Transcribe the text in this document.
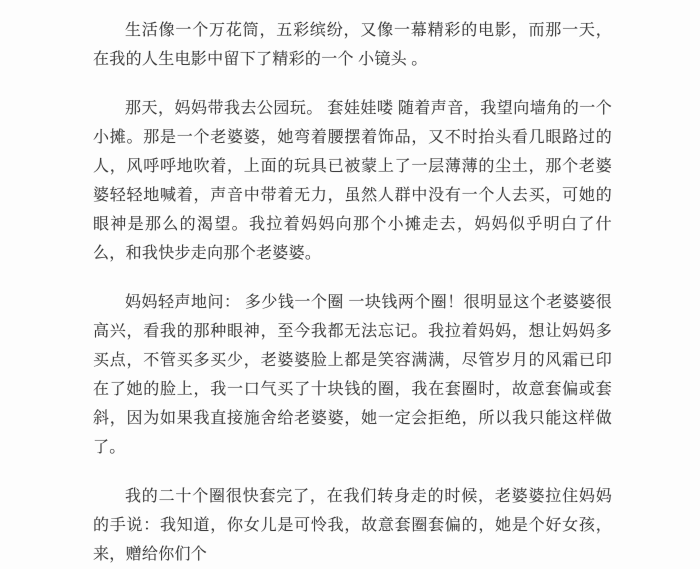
生活像一个万花筒，五彩缤纷，又像一幕精彩的电影，而那一天，在我的人生电影中留下了精彩的一个 小镜头 。

那天，妈妈带我去公园玩。 套娃娃喽 随着声音，我望向墙角的一个小摊。那是一个老婆婆，她弯着腰摆着饰品，又不时抬头看几眼路过的人，风呼呼地吹着，上面的玩具已被蒙上了一层薄薄的尘土，那个老婆婆轻轻地喊着，声音中带着无力，虽然人群中没有一个人去买，可她的眼神是那么的渴望。我拉着妈妈向那个小摊走去，妈妈似乎明白了什么，和我快步走向那个老婆婆。

妈妈轻声地问： 多少钱一个圈 一块钱两个圈！很明显这个老婆婆很高兴，看我的那种眼神，至今我都无法忘记。我拉着妈妈，想让妈妈多买点，不管买多买少，老婆婆脸上都是笑容满满，尽管岁月的风霜已印在了她的脸上，我一口气买了十块钱的圈，我在套圈时，故意套偏或套斜，因为如果我直接施舍给老婆婆，她一定会拒绝，所以我只能这样做了。

我的二十个圈很快套完了，在我们转身走的时候，老婆婆拉住妈妈的手说：我知道，你女儿是可怜我，故意套圈套偏的，她是个好女孩，来，赠给你们个
